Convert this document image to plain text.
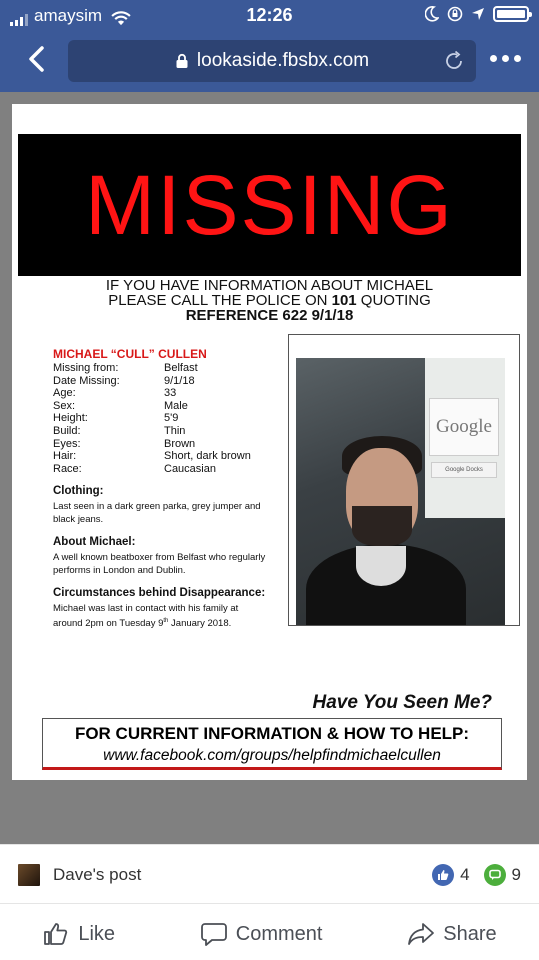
amaysim	12:26
lookaside.fbsbx.com
MISSING
IF YOU HAVE INFORMATION ABOUT MICHAEL
PLEASE CALL THE POLICE ON 101 QUOTING
REFERENCE 622 9/1/18
MICHAEL “CULL” CULLEN
Missing from:	Belfast
Date Missing:	9/1/18
Age:	33
Sex:	Male
Height:	5'9
Build:	Thin
Eyes:	Brown
Hair:	Short, dark brown
Race:	Caucasian
Clothing:
Last seen in a dark green parka, grey jumper and
black jeans.
About Michael:
A well known beatboxer from Belfast who regularly
performs in London and Dublin.
Circumstances behind Disappearance:
Michael was last in contact with his family at
around 2pm on Tuesday 9th January 2018.
Google
Google Docks
Have You Seen Me?
FOR CURRENT INFORMATION & HOW TO HELP:
www.facebook.com/groups/helpfindmichaelcullen
Dave's post	4 9
Like	Comment	Share
